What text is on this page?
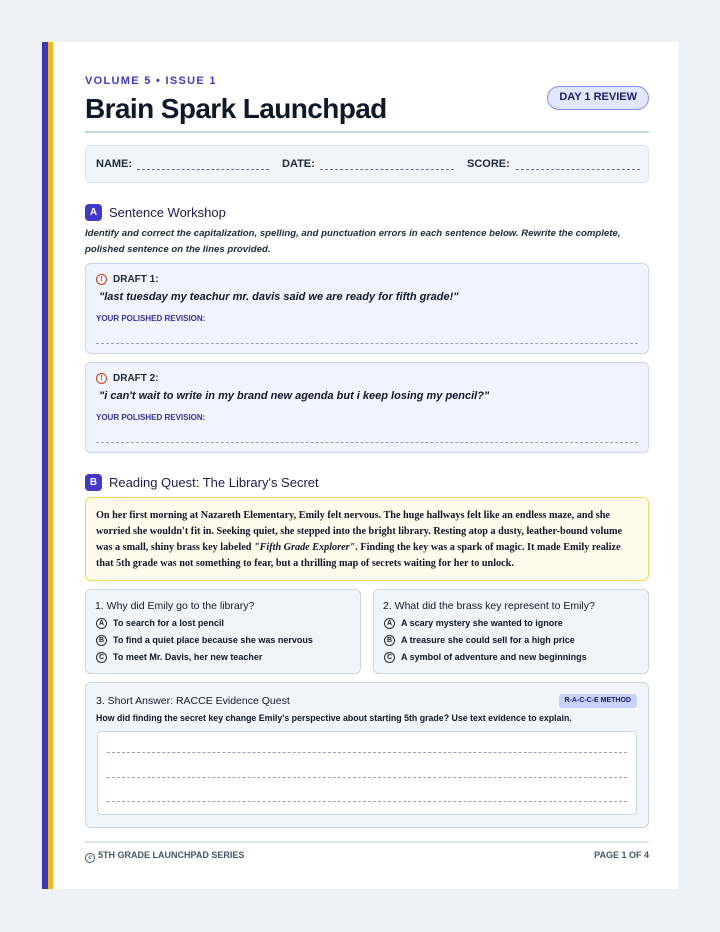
VOLUME 5 • ISSUE 1
Brain Spark Launchpad	DAY 1 REVIEW
NAME:	DATE:	SCORE:
A Sentence Workshop
Identify and correct the capitalization, spelling, and punctuation errors in each sentence below. Rewrite the complete, polished sentence on the lines provided.
!	DRAFT 1:
"last tuesday my teachur mr. davis said we are ready for fifth grade!"
YOUR POLISHED REVISION:
!	DRAFT 2:
"i can't wait to write in my brand new agenda but i keep losing my pencil?"
YOUR POLISHED REVISION:
B Reading Quest: The Library's Secret
On her first morning at Nazareth Elementary, Emily felt nervous. The huge hallways felt like an endless maze, and she worried she wouldn't fit in. Seeking quiet, she stepped into the bright library. Resting atop a dusty, leather-bound volume was a small, shiny brass key labeled "Fifth Grade Explorer". Finding the key was a spark of magic. It made Emily realize that 5th grade was not something to fear, but a thrilling map of secrets waiting for her to unlock.
1. Why did Emily go to the library?
A To search for a lost pencil
B To find a quiet place because she was nervous
C To meet Mr. Davis, her new teacher
2. What did the brass key represent to Emily?
A A scary mystery she wanted to ignore
B A treasure she could sell for a high price
C A symbol of adventure and new beginnings
3. Short Answer: RACCE Evidence Quest	R-A-C-C-E METHOD
How did finding the secret key change Emily's perspective about starting 5th grade? Use text evidence to explain.
c 5TH GRADE LAUNCHPAD SERIES	PAGE 1 OF 4
